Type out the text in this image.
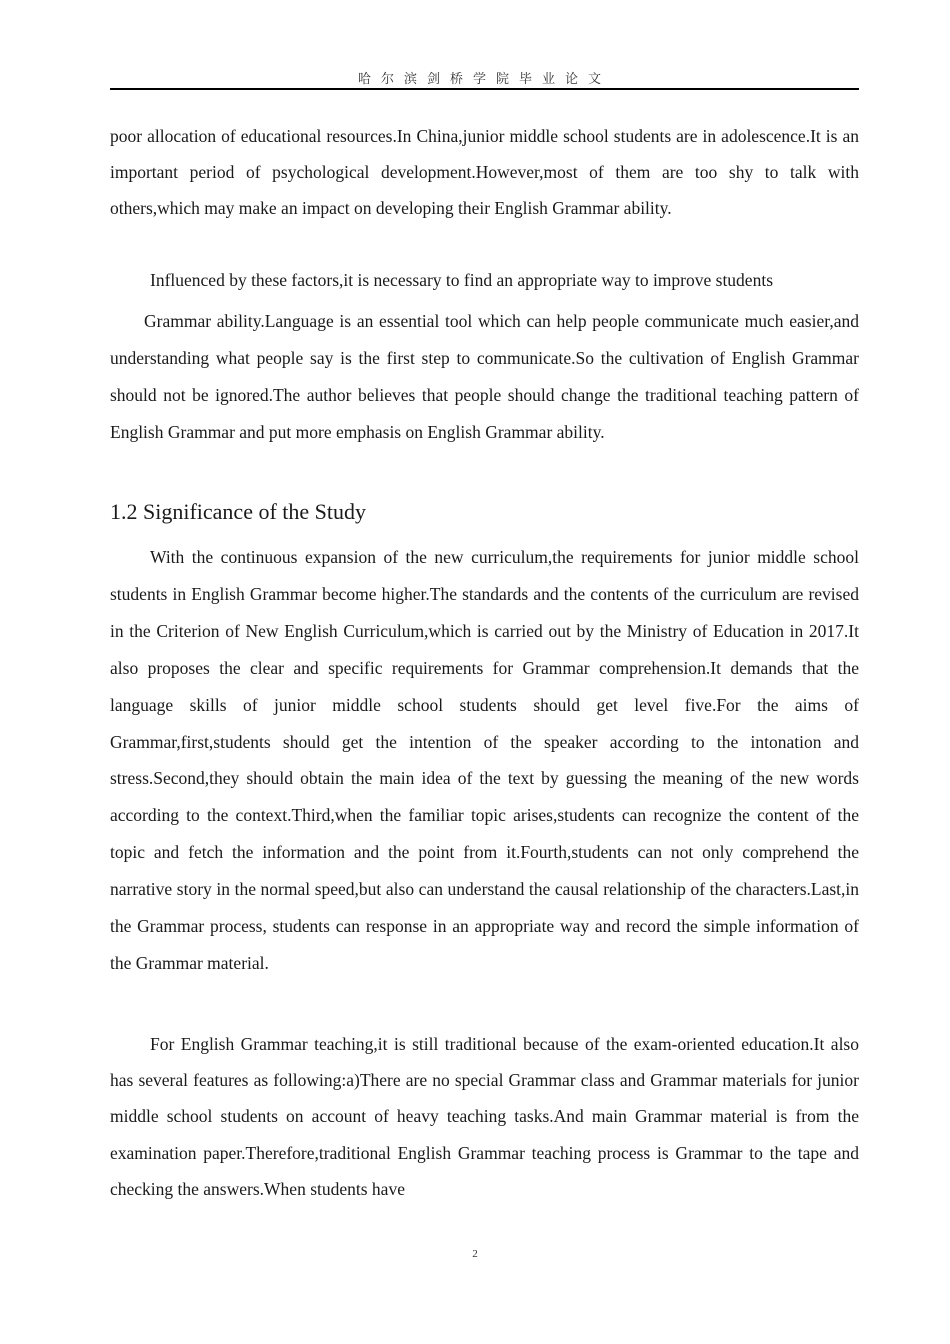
哈尔滨剑桥学院毕业论文

poor allocation of educational resources.In China,junior middle school students are in adolescence.It is an important period of psychological development.However,most of them are too shy to talk with others,which may make an impact on developing their English Grammar ability.

Influenced by these factors,it is necessary to find an appropriate way to improve students

Grammar ability.Language is an essential tool which can help people communicate much easier,and understanding what people say is the first step to communicate.So the cultivation of English Grammar should not be ignored.The author believes that people should change the traditional teaching pattern of English Grammar and put more emphasis on English Grammar ability.

1.2 Significance of the Study

With the continuous expansion of the new curriculum,the requirements for junior middle school students in English Grammar become higher.The standards and the contents of the curriculum are revised in the Criterion of New English Curriculum,which is carried out by the Ministry of Education in 2017.It also proposes the clear and specific requirements for Grammar comprehension.It demands that the language skills of junior middle school students should get level five.For the aims of Grammar,first,students should get the intention of the speaker according to the intonation and stress.Second,they should obtain the main idea of the text by guessing the meaning of the new words according to the context.Third,when the familiar topic arises,students can recognize the content of the topic and fetch the information and the point from it.Fourth,students can not only comprehend the narrative story in the normal speed,but also can understand the causal relationship of the characters.Last,in the Grammar process, students can response in an appropriate way and record the simple information of the Grammar material.

For English Grammar teaching,it is still traditional because of the exam-oriented education.It also has several features as following:a)There are no special Grammar class and Grammar materials for junior middle school students on account of heavy teaching tasks.And main Grammar material is from the examination paper.Therefore,traditional English Grammar teaching process is Grammar to the tape and checking the answers.When students have

2
